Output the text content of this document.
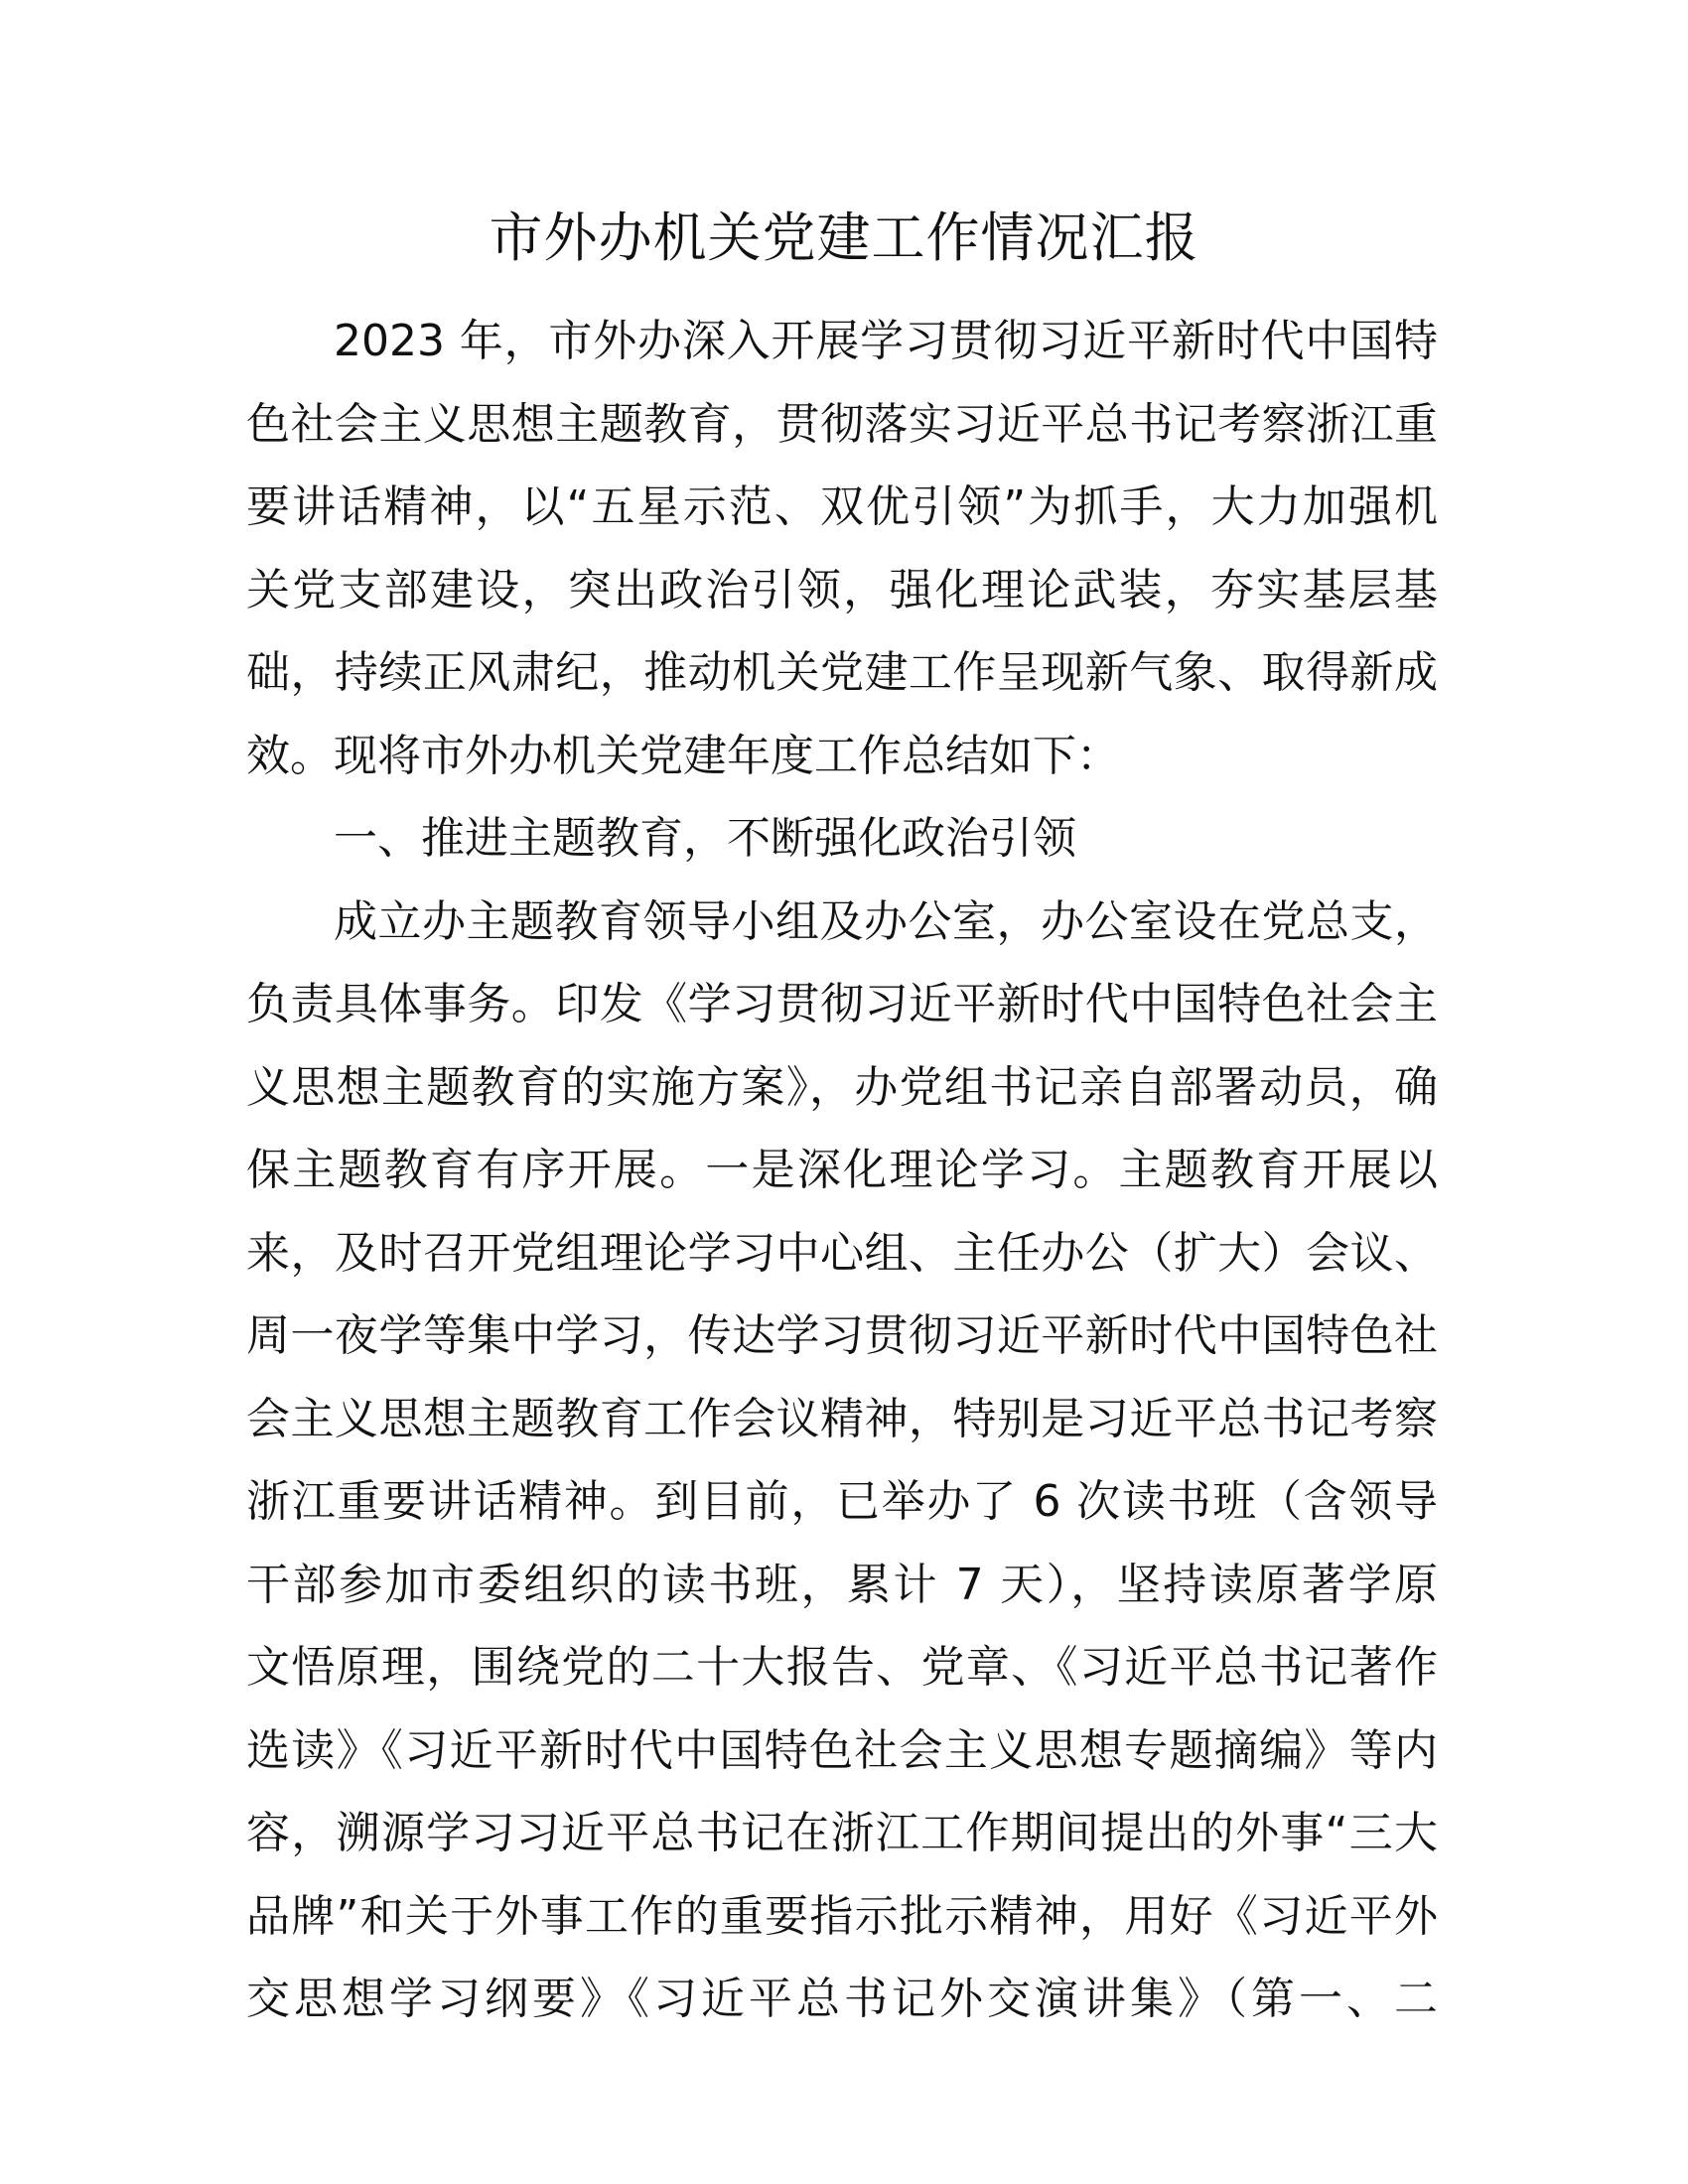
市外办机关党建工作情况汇报
2023 年，市外办深入开展学习贯彻习近平新时代中国特
色社会主义思想主题教育，贯彻落实习近平总书记考察浙江重
要讲话精神，以“五星示范、双优引领”为抓手，大力加强机
关党支部建设，突出政治引领，强化理论武装，夯实基层基
础，持续正风肃纪，推动机关党建工作呈现新气象、取得新成
效。现将市外办机关党建年度工作总结如下：
一、推进主题教育，不断强化政治引领
成立办主题教育领导小组及办公室，办公室设在党总支，
负责具体事务。印发《学习贯彻习近平新时代中国特色社会主
义思想主题教育的实施方案》，办党组书记亲自部署动员，确
保主题教育有序开展。一是深化理论学习。主题教育开展以
来，及时召开党组理论学习中心组、主任办公（扩大）会议、
周一夜学等集中学习，传达学习贯彻习近平新时代中国特色社
会主义思想主题教育工作会议精神，特别是习近平总书记考察
浙江重要讲话精神。到目前，已举办了 6 次读书班（含领导
干部参加市委组织的读书班，累计 7 天），坚持读原著学原
文悟原理，围绕党的二十大报告、党章、《习近平总书记著作
选读》《习近平新时代中国特色社会主义思想专题摘编》等内
容，溯源学习习近平总书记在浙江工作期间提出的外事“三大
品牌”和关于外事工作的重要指示批示精神，用好《习近平外
交思想学习纲要》《习近平总书记外交演讲集》（第一、二
